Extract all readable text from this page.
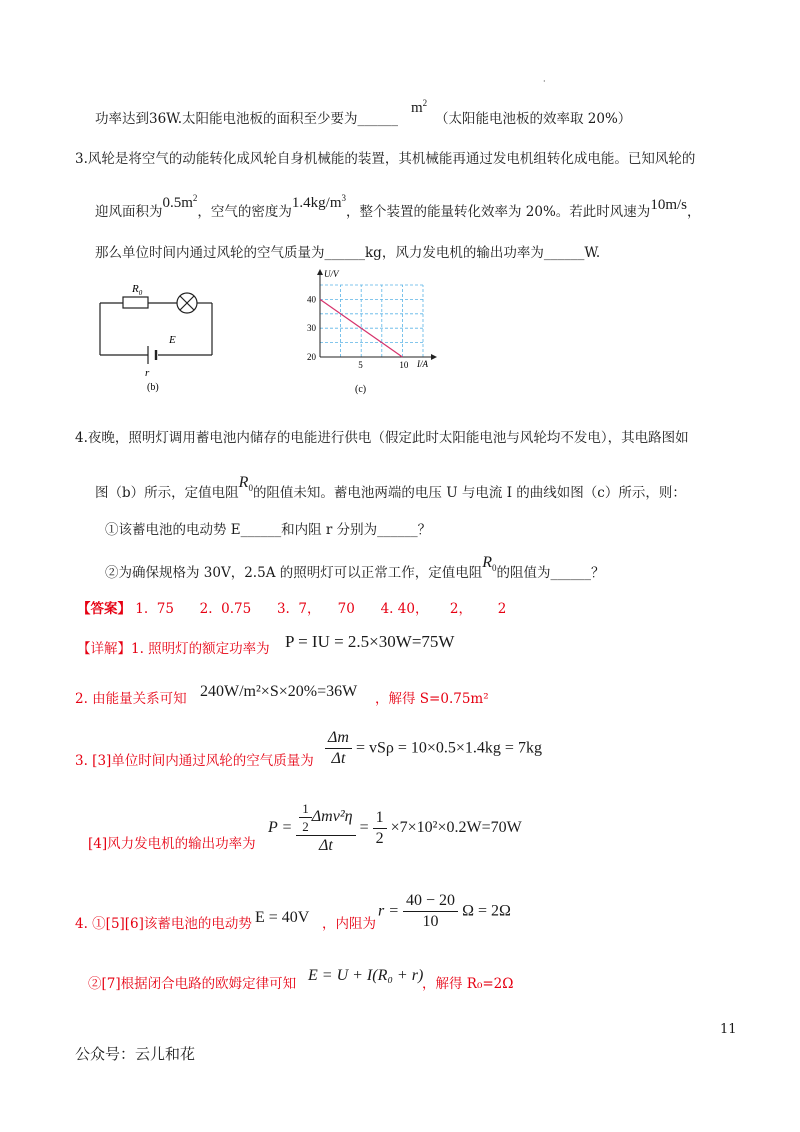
·
功率达到36W.太阳能电池板的面积至少要为______
$m^2$
（太阳能电池板的效率取 20%）
3.风轮是将空气的动能转化成风轮自身机械能的装置，其机械能再通过发电机组转化成电能。已知风轮的
迎风面积为$0.5m^2$，空气的密度为$1.4kg/m^3$，整个装置的能量转化效率为 20%。若此时风速为10m/s，
那么单位时间内通过风轮的空气质量为______kg，风力发电机的输出功率为______W.
$R_0$
E
r
(b)
U/V
I/A
(c)
40
30
20
5	10
4.夜晚，照明灯调用蓄电池内储存的电能进行供电（假定此时太阳能电池与风轮均不发电），其电路图如
图（b）所示，定值电阻$R_0$的阻值未知。蓄电池两端的电压 U 与电流 I 的曲线如图（c）所示，则：
①该蓄电池的电动势 E______和内阻 r 分别为______？
②为确保规格为 30V，2.5A 的照明灯可以正常工作，定值电阻$R_0$的阻值为______？
【答案】 1.  75      2.  0.75      3.  7，    70      4. 40，     2，      2
【详解】1. 照明灯的额定功率为 P = IU = 2.5×30W=75W
2. 由能量关系可知 240W/m²×S×20%=36W ，解得 S=0.75m²
3. [3]单位时间内通过风轮的空气质量为 $\frac{\Delta m}{\Delta t} = vS\rho = 10\times 0.5\times 1.4kg = 7kg$
[4]风力发电机的输出功率为
$P = \frac{\frac{1}{2} \Delta mv^2\eta}{\Delta t} = \frac{1}{2} \times 7\times 10^2\times 0.2W=70W$
4. ①[5][6]该蓄电池的电动势 E = 40V ，内阻为
$r = \frac{40 - 20}{10}$ Ω = 2Ω
②[7]根据闭合电路的欧姆定律可知 E = U + I(R₀ + r)
，解得 R₀=2Ω
11
公众号：云儿和花
